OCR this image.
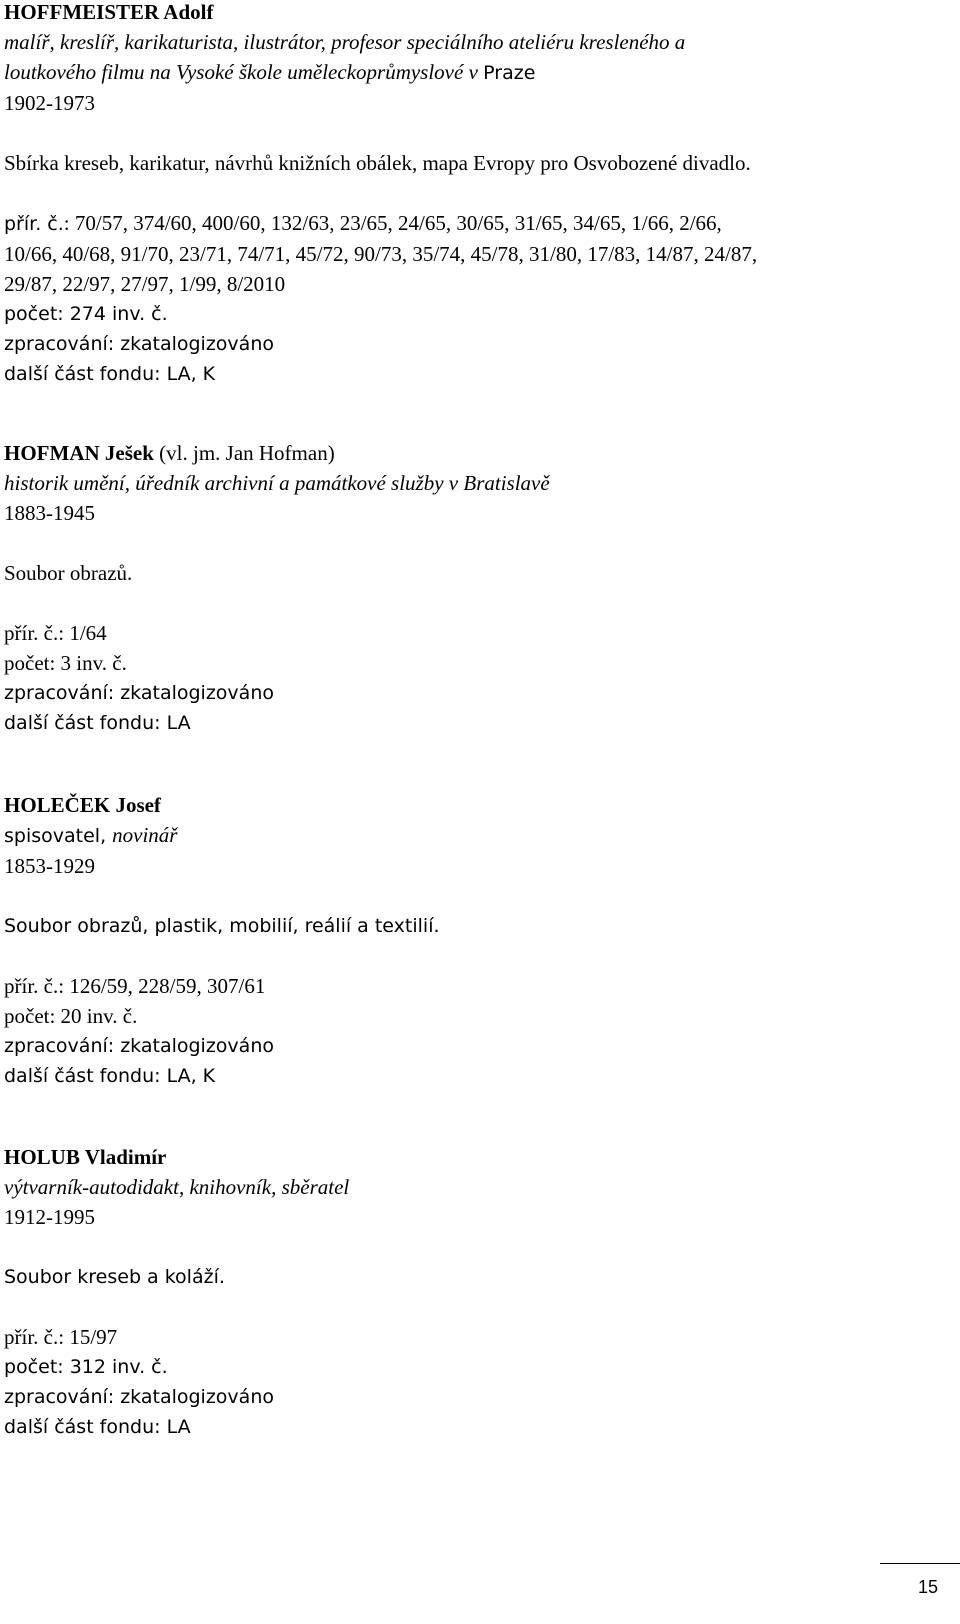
HOFFMEISTER Adolf
malíř, kreslíř, karikaturista, ilustrátor, profesor speciálního ateliéru kresleného a
loutkového filmu na Vysoké škole uměleckoprůmyslové v Praze
1902-1973
Sbírka kreseb, karikatur, návrhů knižních obálek, mapa Evropy pro Osvobozené divadlo.
přír. č.: 70/57, 374/60, 400/60, 132/63, 23/65, 24/65, 30/65, 31/65, 34/65, 1/66, 2/66,
10/66, 40/68, 91/70, 23/71, 74/71, 45/72, 90/73, 35/74, 45/78, 31/80, 17/83, 14/87, 24/87,
29/87, 22/97, 27/97, 1/99, 8/2010
počet: 274 inv. č.
zpracování: zkatalogizováno
další část fondu: LA, K
HOFMAN Ješek (vl. jm. Jan Hofman)
historik umění, úředník archivní a památkové služby v Bratislavě
1883-1945
Soubor obrazů.
přír. č.: 1/64
počet: 3 inv. č.
zpracování: zkatalogizováno
další část fondu: LA
HOLEČEK Josef
spisovatel, novinář
1853-1929
Soubor obrazů, plastik, mobilií, reálií a textilií.
přír. č.: 126/59, 228/59, 307/61
počet: 20 inv. č.
zpracování: zkatalogizováno
další část fondu: LA, K
HOLUB Vladimír
výtvarník-autodidakt, knihovník, sběratel
1912-1995
Soubor kreseb a koláží.
přír. č.: 15/97
počet: 312 inv. č.
zpracování: zkatalogizováno
další část fondu: LA
15
